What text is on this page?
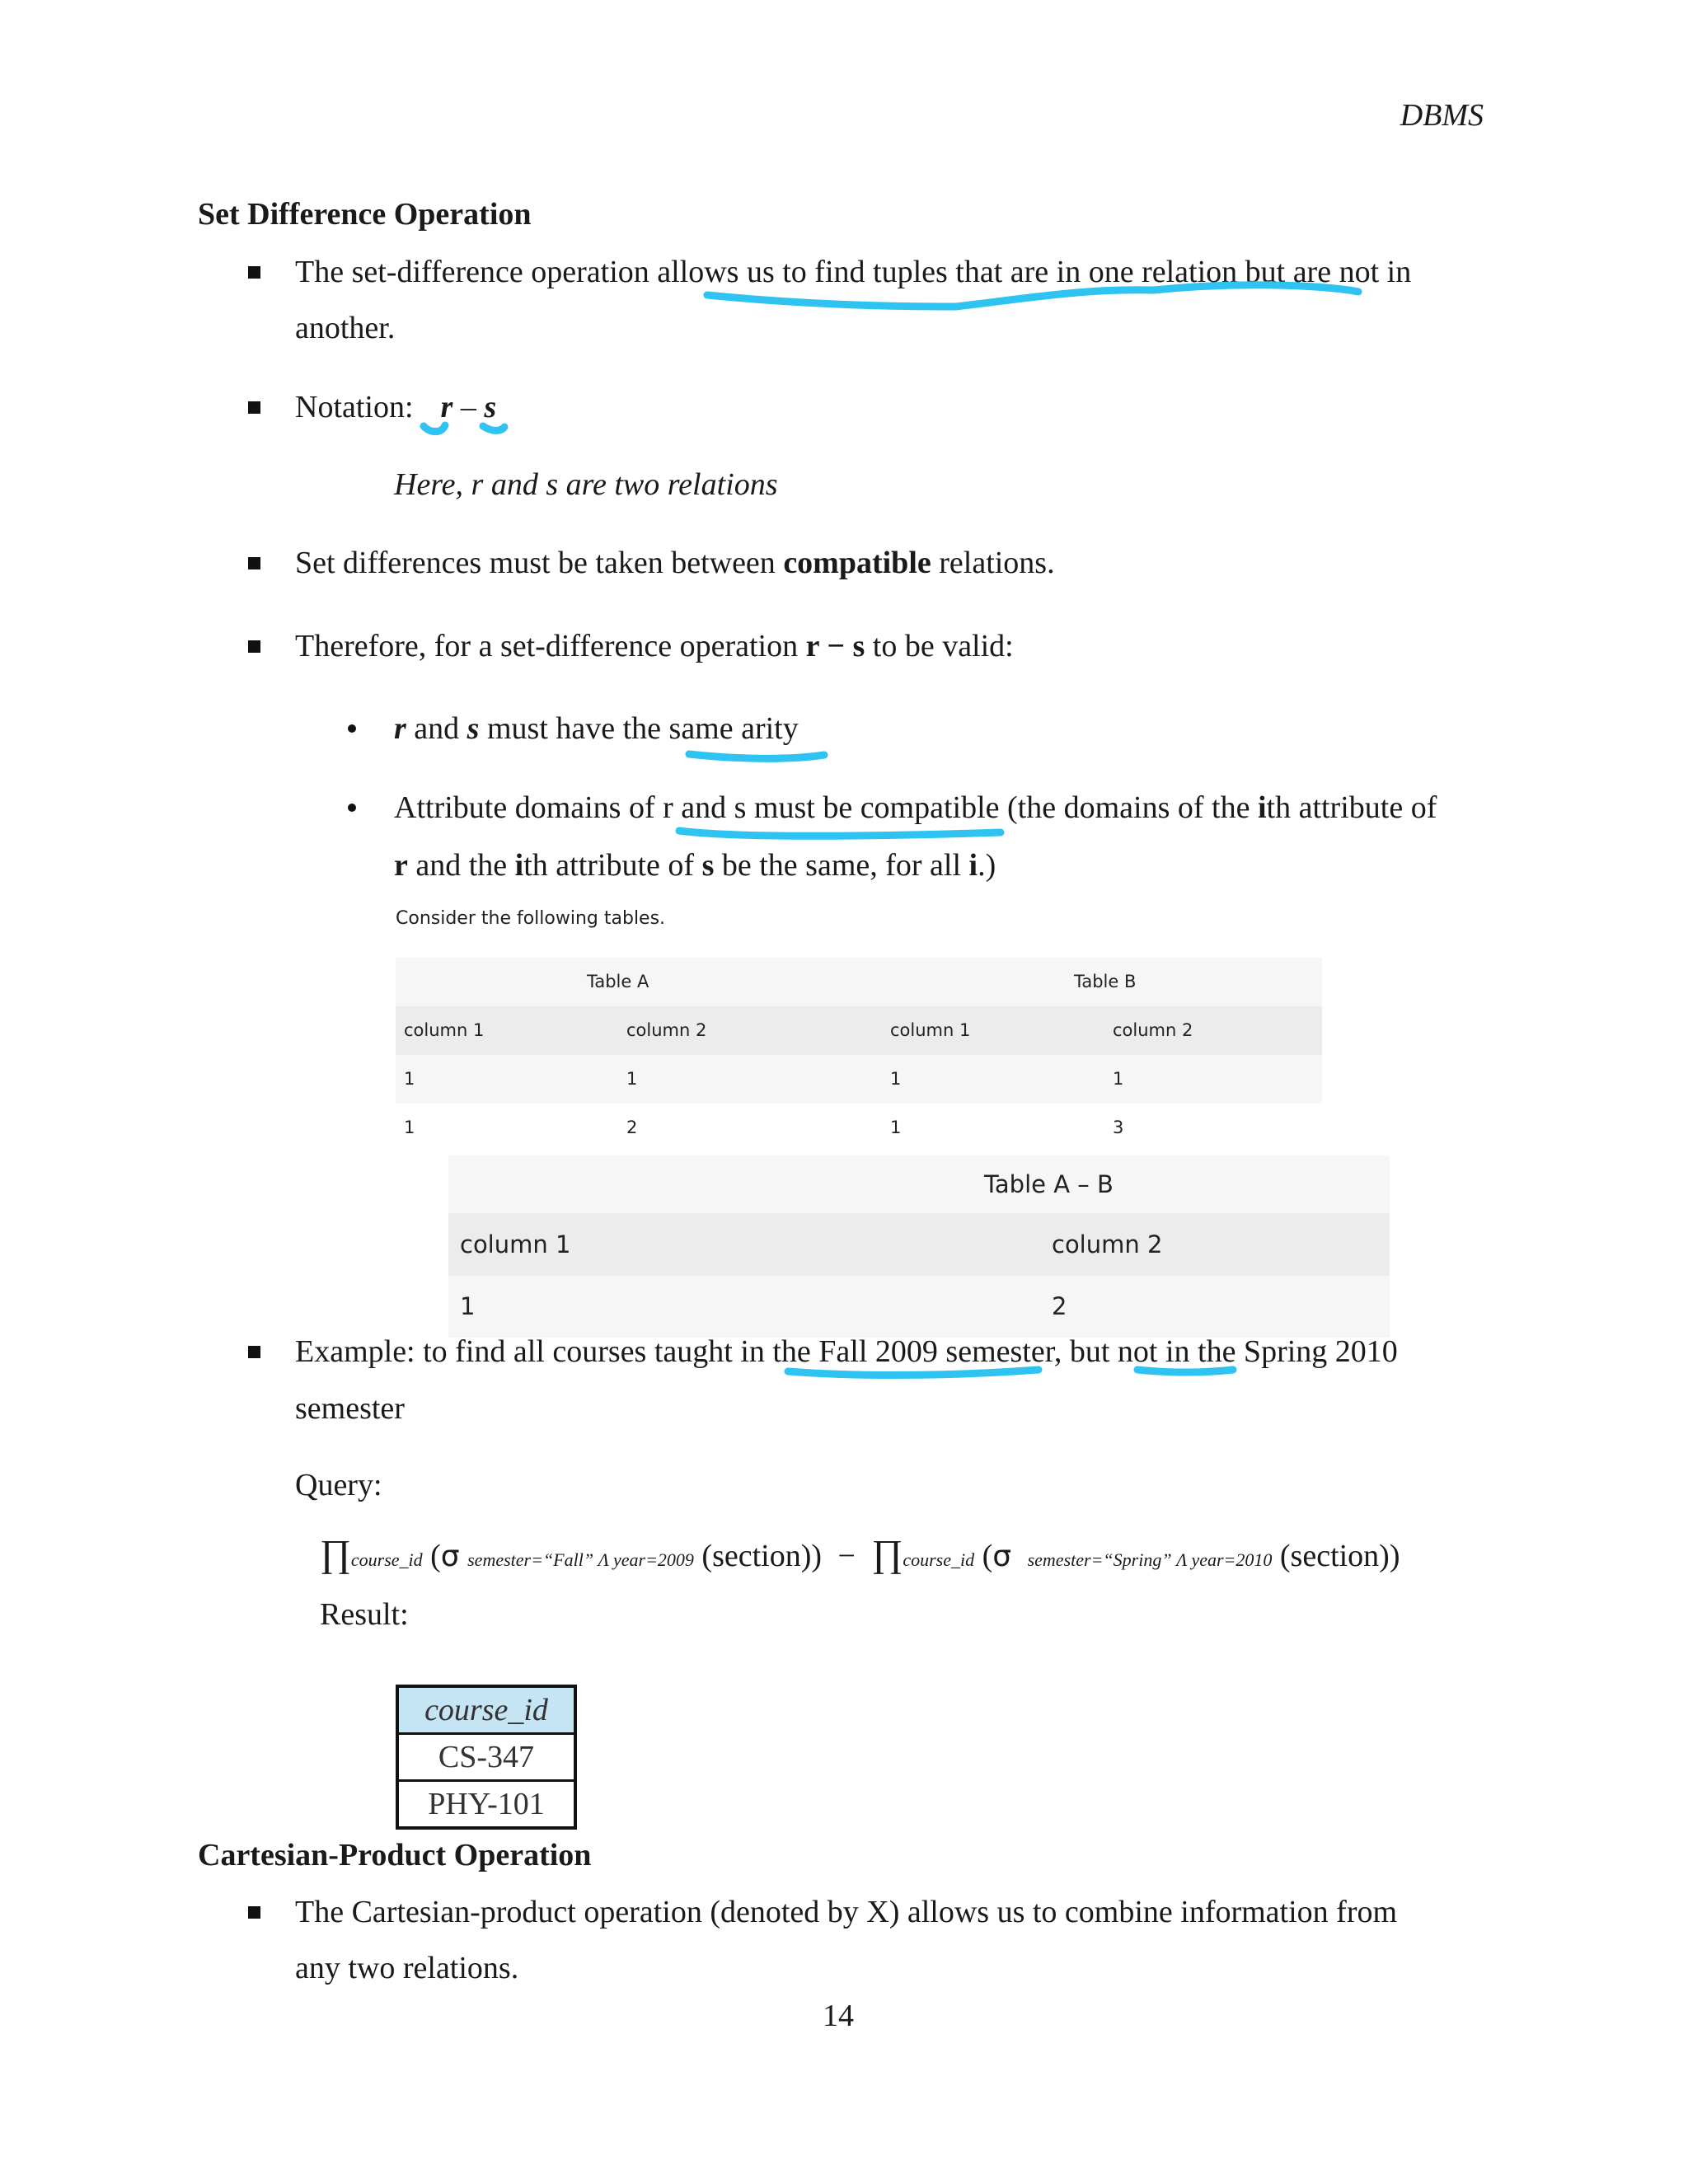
DBMS
Set Difference Operation
The set-difference operation allows us to find tuples that are in one relation but are not in
another.
Notation: r – s
Here, r and s are two relations
Set differences must be taken between compatible relations.
Therefore, for a set-difference operation r − s to be valid:
r and s must have the same arity
Attribute domains of r and s must be compatible (the domains of the ith attribute of
r and the ith attribute of s be the same, for all i.)
Consider the following tables.
Table A	Table B
column 1	column 2	column 1	column 2
1	1	1	1
1	2	1	3
Table A – B
column 1	column 2
1	2
Example: to find all courses taught in the Fall 2009 semester, but not in the Spring 2010
semester
Query:
∏course_id (σ semester=“Fall” Λ year=2009 (section)) − ∏course_id (σ semester=“Spring” Λ year=2010 (section))
Result:
course_id
CS-347
PHY-101
Cartesian-Product Operation
The Cartesian-product operation (denoted by X) allows us to combine information from
any two relations.
14
